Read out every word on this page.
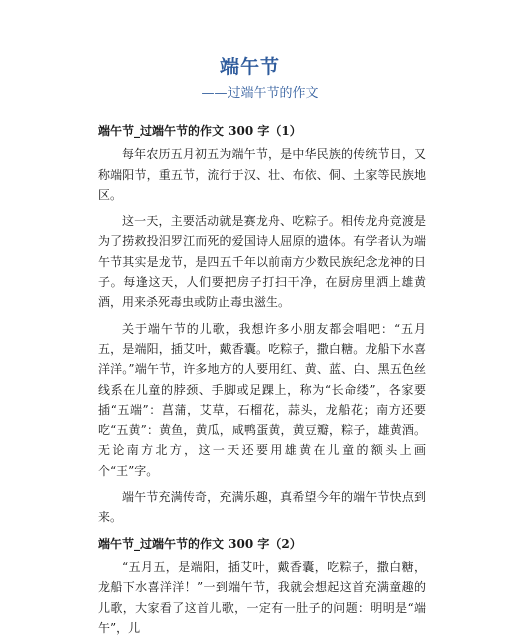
端午节
——过端午节的作文

端午节_过端午节的作文 300 字（1）

每年农历五月初五为端午节，是中华民族的传统节日，又称端阳节，重五节，流行于汉、壮、布依、侗、土家等民族地区。

这一天，主要活动就是赛龙舟、吃粽子。相传龙舟竞渡是为了捞救投汨罗江而死的爱国诗人屈原的遗体。有学者认为端午节其实是龙节，是四五千年以前南方少数民族纪念龙神的日子。每逢这天，人们要把房子打扫干净，在厨房里洒上雄黄酒，用来杀死毒虫或防止毒虫滋生。

关于端午节的儿歌，我想许多小朋友都会唱吧：“五月五，是端阳，插艾叶，戴香囊。吃粽子，撒白糖。龙船下水喜洋洋。”端午节，许多地方的人要用红、黄、蓝、白、黑五色丝线系在儿童的脖颈、手脚或足踝上，称为“长命缕”，各家要插“五端”：菖蒲，艾草，石榴花，蒜头，龙船花；南方还要吃“五黄”：黄鱼，黄瓜，咸鸭蛋黄，黄豆瓣，粽子，雄黄酒。无论南方北方，这一天还要用雄黄在儿童的额头上画个“王”字。

端午节充满传奇，充满乐趣，真希望今年的端午节快点到来。

端午节_过端午节的作文 300 字（2）

“五月五，是端阳，插艾叶，戴香囊，吃粽子，撒白糖，龙船下水喜洋洋！”一到端午节，我就会想起这首充满童趣的儿歌，大家看了这首儿歌，一定有一肚子的问题：明明是“端午”，儿
